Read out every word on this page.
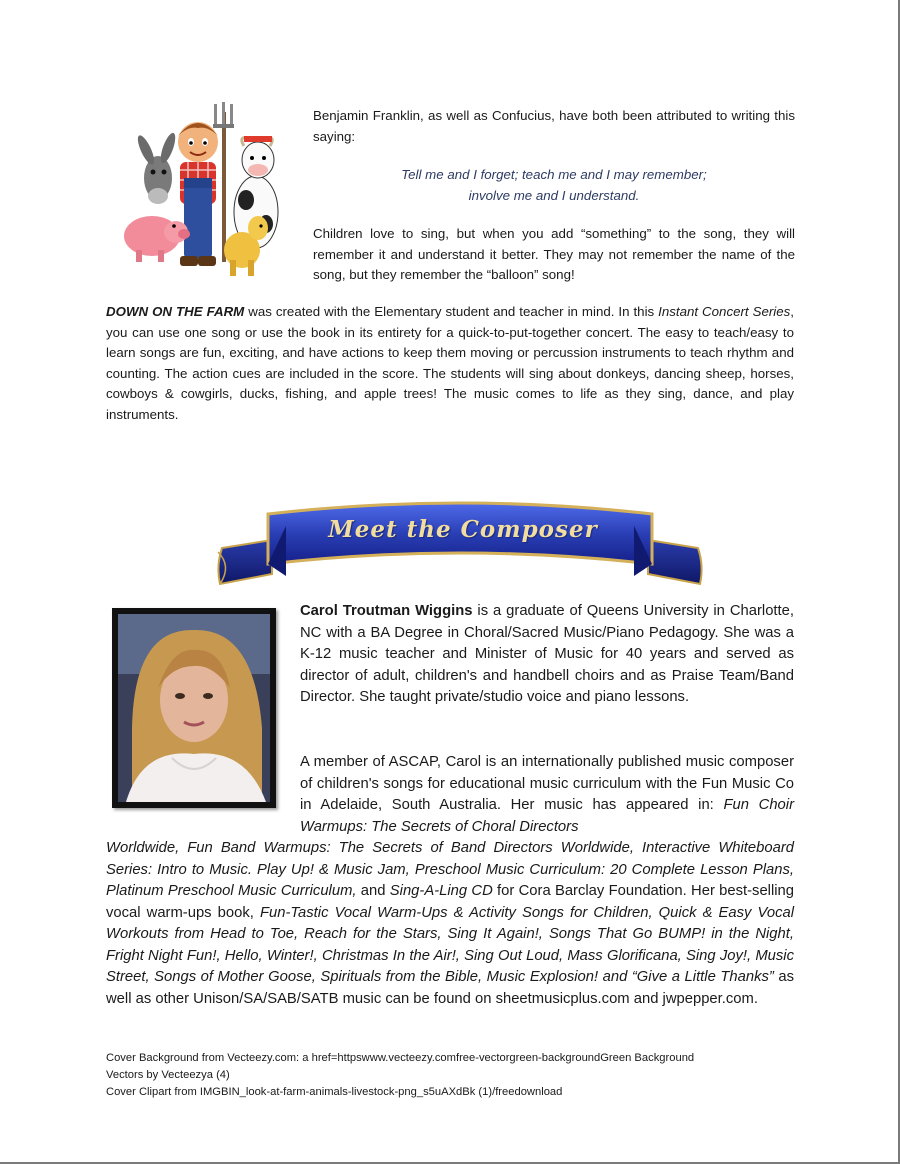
Benjamin Franklin, as well as Confucius, have both been attributed to writing this saying:

Tell me and I forget; teach me and I may remember;
involve me and I understand.

Children love to sing, but when you add “something” to the song, they will remember it and understand it better. They may not remember the name of the song, but they remember the “balloon” song!

DOWN ON THE FARM was created with the Elementary student and teacher in mind. In this Instant Concert Series, you can use one song or use the book in its entirety for a quick-to-put-together concert. The easy to teach/easy to learn songs are fun, exciting, and have actions to keep them moving or percussion instruments to teach rhythm and counting. The action cues are included in the score. The students will sing about donkeys, dancing sheep, horses, cowboys & cowgirls, ducks, fishing, and apple trees! The music comes to life as they sing, dance, and play instruments.

Meet the Composer

Carol Troutman Wiggins is a graduate of Queens University in Charlotte, NC with a BA Degree in Choral/Sacred Music/Piano Pedagogy. She was a K-12 music teacher and Minister of Music for 40 years and served as director of adult, children's and handbell choirs and as Praise Team/Band Director. She taught private/studio voice and piano lessons.

A member of ASCAP, Carol is an internationally published music composer of children's songs for educational music curriculum with the Fun Music Co in Adelaide, South Australia. Her music has appeared in: Fun Choir Warmups: The Secrets of Choral Directors

Worldwide, Fun Band Warmups: The Secrets of Band Directors Worldwide, Interactive Whiteboard Series: Intro to Music. Play Up! & Music Jam, Preschool Music Curriculum: 20 Complete Lesson Plans, Platinum Preschool Music Curriculum, and Sing-A-Ling CD for Cora Barclay Foundation. Her best-selling vocal warm-ups book, Fun-Tastic Vocal Warm-Ups & Activity Songs for Children, Quick & Easy Vocal Workouts from Head to Toe, Reach for the Stars, Sing It Again!, Songs That Go BUMP! in the Night, Fright Night Fun!, Hello, Winter!, Christmas In the Air!, Sing Out Loud, Mass Glorificana, Sing Joy!, Music Street, Songs of Mother Goose, Spirituals from the Bible, Music Explosion! and “Give a Little Thanks” as well as other Unison/SA/SAB/SATB music can be found on sheetmusicplus.com and jwpepper.com.

Cover Background from Vecteezy.com: a href=httpswww.vecteezy.comfree-vectorgreen-backgroundGreen Background
Vectors by Vecteezya (4)
Cover Clipart from IMGBIN_look-at-farm-animals-livestock-png_s5uAXdBk (1)/freedownload
